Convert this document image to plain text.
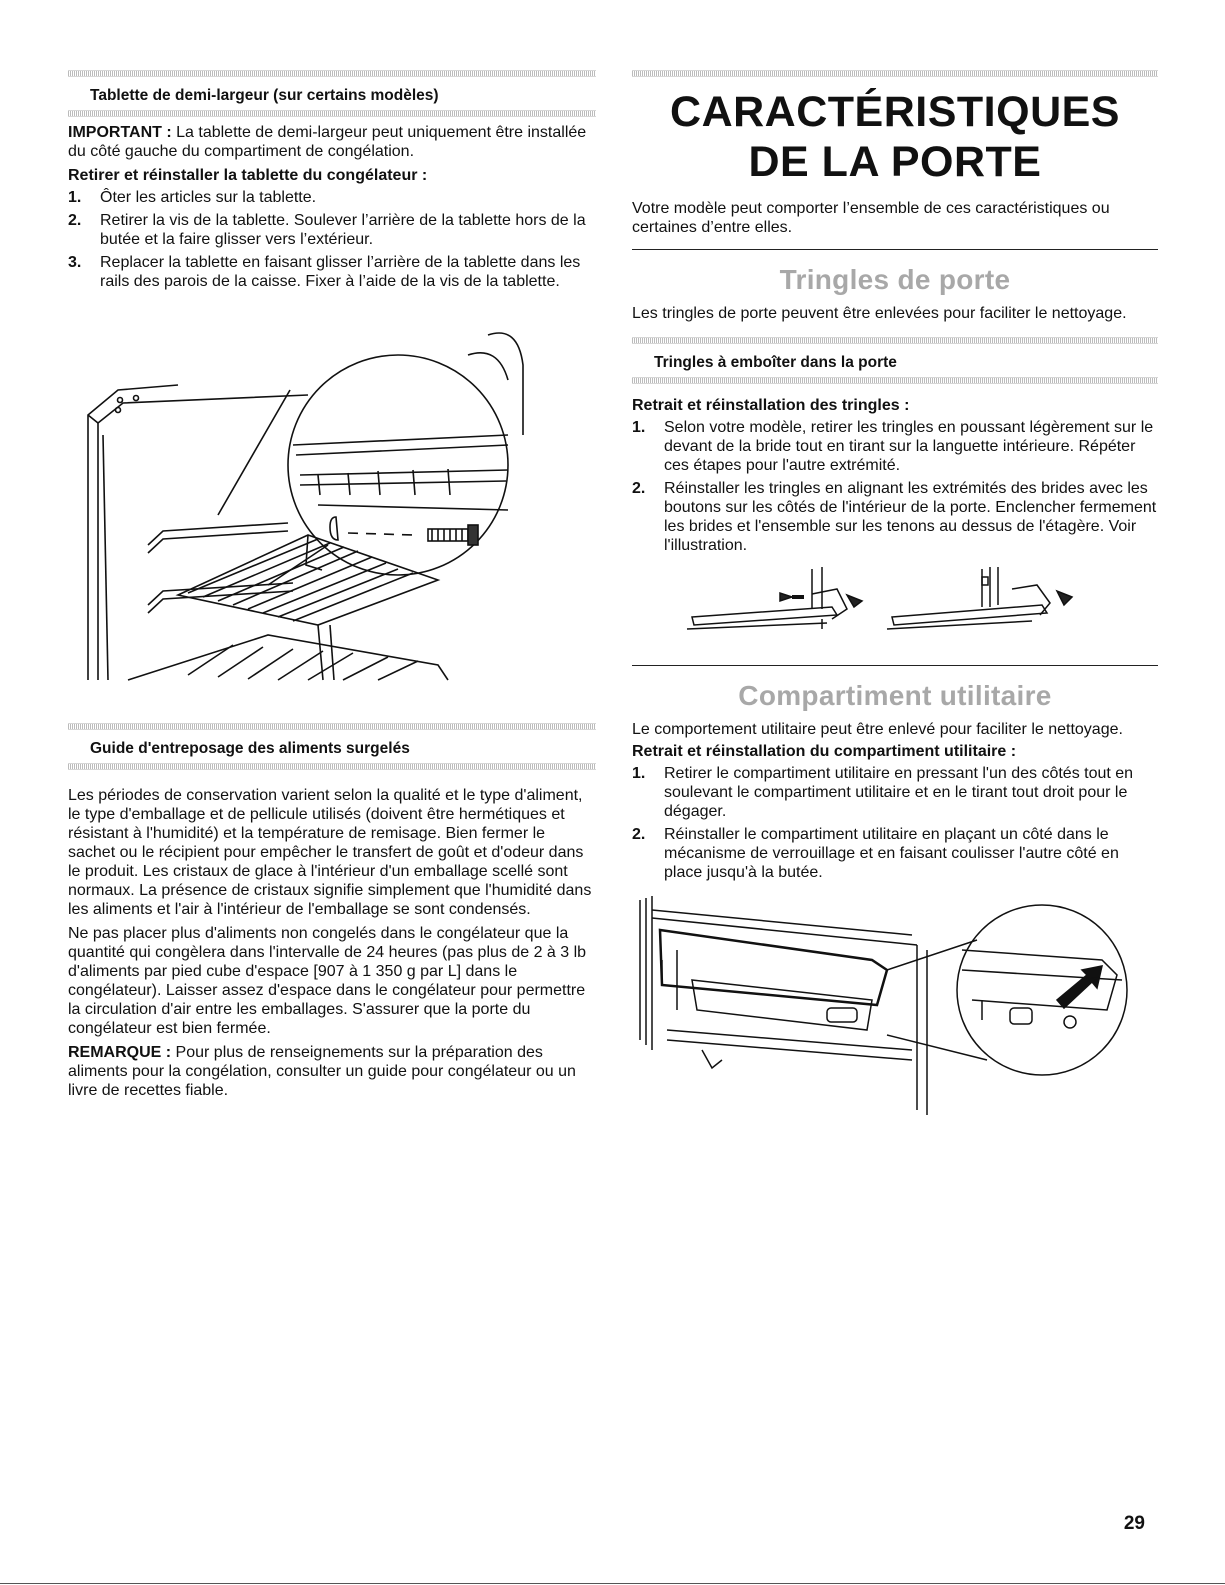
Tablette de demi-largeur (sur certains modèles)

IMPORTANT : La tablette de demi-largeur peut uniquement être installée du côté gauche du compartiment de congélation.

Retirer et réinstaller la tablette du congélateur :

1. Ôter les articles sur la tablette.
2. Retirer la vis de la tablette. Soulever l’arrière de la tablette hors de la butée et la faire glisser vers l’extérieur.
3. Replacer la tablette en faisant glisser l’arrière de la tablette dans les rails des parois de la caisse. Fixer à l’aide de la vis de la tablette.
Guide d'entreposage des aliments surgelés

Les périodes de conservation varient selon la qualité et le type d'aliment, le type d'emballage et de pellicule utilisés (doivent être hermétiques et résistant à l'humidité) et la température de remisage. Bien fermer le sachet ou le récipient pour empêcher le transfert de goût et d'odeur dans le produit. Les cristaux de glace à l'intérieur d'un emballage scellé sont normaux. La présence de cristaux signifie simplement que l'humidité dans les aliments et l'air à l'intérieur de l'emballage se sont condensés.

Ne pas placer plus d'aliments non congelés dans le congélateur que la quantité qui congèlera dans l'intervalle de 24 heures (pas plus de 2 à 3 lb d'aliments par pied cube d'espace [907 à 1 350 g par L] dans le congélateur). Laisser assez d'espace dans le congélateur pour permettre la circulation d'air entre les emballages. S'assurer que la porte du congélateur est bien fermée.

REMARQUE : Pour plus de renseignements sur la préparation des aliments pour la congélation, consulter un guide pour congélateur ou un livre de recettes fiable.

CARACTÉRISTIQUES
DE LA PORTE

Votre modèle peut comporter l’ensemble de ces caractéristiques ou certaines d’entre elles.

Tringles de porte

Les tringles de porte peuvent être enlevées pour faciliter le nettoyage.

Tringles à emboîter dans la porte

Retrait et réinstallation des tringles :

1. Selon votre modèle, retirer les tringles en poussant légèrement sur le devant de la bride tout en tirant sur la languette intérieure. Répéter ces étapes pour l'autre extrémité.
2. Réinstaller les tringles en alignant les extrémités des brides avec les boutons sur les côtés de l'intérieur de la porte. Enclencher fermement les brides et l'ensemble sur les tenons au dessus de l'étagère. Voir l'illustration.
Compartiment utilitaire

Le comportement utilitaire peut être enlevé pour faciliter le nettoyage.

Retrait et réinstallation du compartiment utilitaire :

1. Retirer le compartiment utilitaire en pressant l'un des côtés tout en soulevant le compartiment utilitaire et en le tirant tout droit pour le dégager.
2. Réinstaller le compartiment utilitaire en plaçant un côté dans le mécanisme de verrouillage et en faisant coulisser l'autre côté en place jusqu'à la butée.
29
